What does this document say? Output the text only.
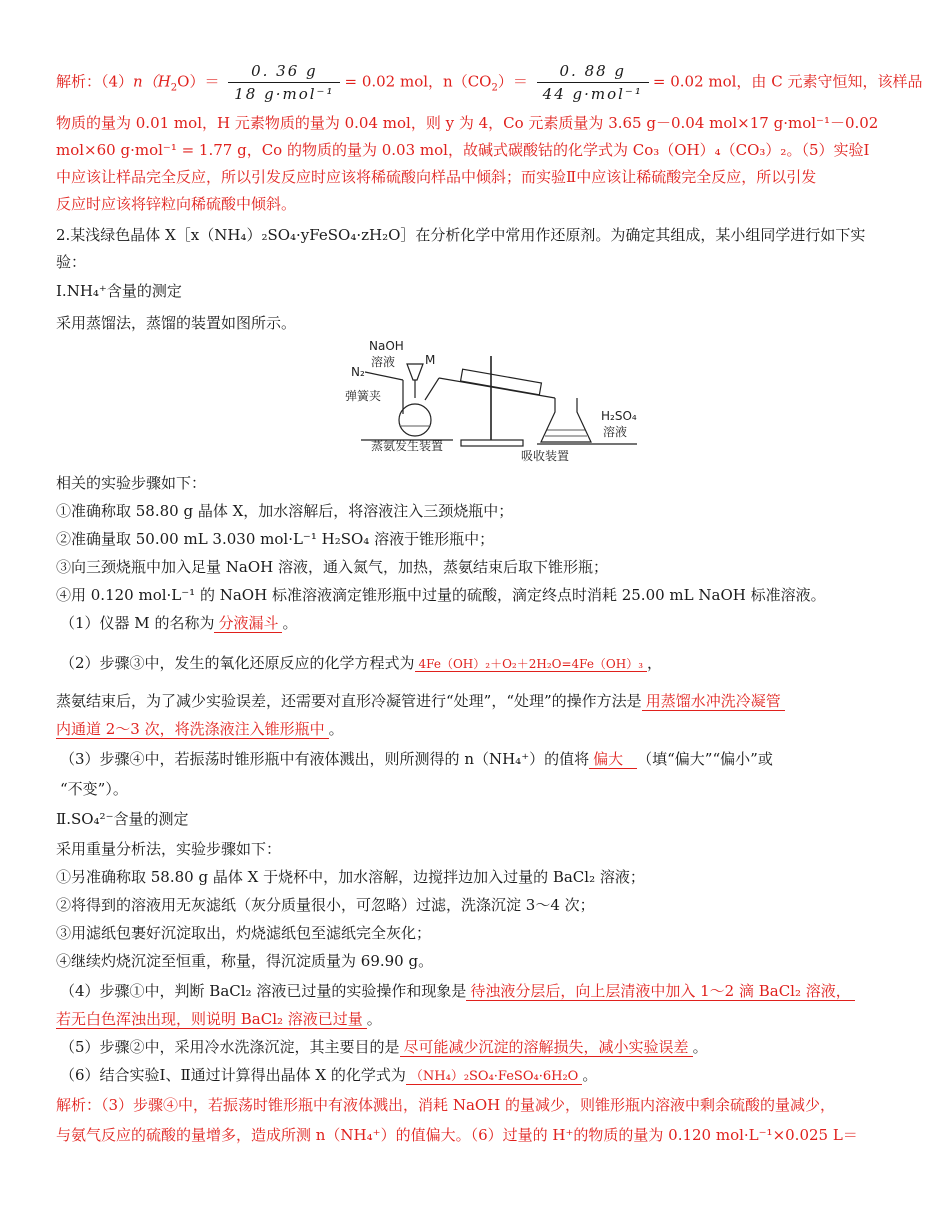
解析：$(4)n(H_2O)= \frac{0. 36 g}{\text{18 g·mol⁻¹}} = 0.02$ mol，$n(CO_2)= \frac{0. 88 g}{\text{44 g·mol⁻¹}} = 0.02$ mol，由 C 元素守恒知，该样品
物质的量为 0.01 mol，H 元素物质的量为 0.04 mol，则 y 为 4，Co 元素质量为 3.65 g－0.04 mol×17 g·mol⁻¹－0.02
mol×60 g·mol⁻¹ = 1.77 g，Co 的物质的量为 0.03 mol，故碱式碳酸钴的化学式为 Co₃（OH）₄（CO₃）₂。（5）实验Ⅰ
中应该让样品完全反应，所以引发反应时应该将稀硫酸向样品中倾斜；而实验Ⅱ中应该让稀硫酸完全反应，所以引发
反应时应该将锌粒向稀硫酸中倾斜。
2.某浅绿色晶体 X［x（NH₄）₂SO₄·yFeSO₄·zH₂O］在分析化学中常用作还原剂。为确定其组成，某小组同学进行如下实
验：
Ⅰ.NH₄⁺含量的测定
采用蒸馏法，蒸馏的装置如图所示。
NaOH
溶液 M
N₂
弹簧夹
H₂SO₄
溶液
蒸氨发生装置
吸收装置
相关的实验步骤如下：
①准确称取 58.80 g 晶体 X，加水溶解后，将溶液注入三颈烧瓶中；
②准确量取 50.00 mL 3.030 mol·L⁻¹ H₂SO₄ 溶液于锥形瓶中；
③向三颈烧瓶中加入足量 NaOH 溶液，通入氮气，加热，蒸氨结束后取下锥形瓶；
④用 0.120 mol·L⁻¹ 的 NaOH 标准溶液滴定锥形瓶中过量的硫酸，滴定终点时消耗 25.00 mL NaOH 标准溶液。
（1）仪器 M 的名称为 分液漏斗 。
（2）步骤③中，发生的氧化还原反应的化学方程式为 4Fe（OH）₂＋O₂＋2H₂O=4Fe（OH）₃ ，
蒸氨结束后，为了减少实验误差，还需要对直形冷凝管进行“处理”，“处理”的操作方法是 用蒸馏水冲洗冷凝管
内通道 2～3 次，将洗涤液注入锥形瓶中 。
（3）步骤④中，若振荡时锥形瓶中有液体溅出，则所测得的 n（NH₄⁺）的值将 偏大 （填“偏大”“偏小”或
“不变”）。
Ⅱ.SO₄²⁻含量的测定
采用重量分析法，实验步骤如下：
①另准确称取 58.80 g 晶体 X 于烧杯中，加水溶解，边搅拌边加入过量的 BaCl₂ 溶液；
②将得到的溶液用无灰滤纸（灰分质量很小，可忽略）过滤，洗涤沉淀 3～4 次；
③用滤纸包裹好沉淀取出，灼烧滤纸包至滤纸完全灰化；
④继续灼烧沉淀至恒重，称量，得沉淀质量为 69.90 g。
（4）步骤①中，判断 BaCl₂ 溶液已过量的实验操作和现象是 待浊液分层后，向上层清液中加入 1～2 滴 BaCl₂ 溶液，
若无白色浑浊出现，则说明 BaCl₂ 溶液已过量 。
（5）步骤②中，采用冷水洗涤沉淀，其主要目的是 尽可能减少沉淀的溶解损失，减小实验误差 。
（6）结合实验Ⅰ、Ⅱ通过计算得出晶体 X 的化学式为 （NH₄）₂SO₄·FeSO₄·6H₂O 。
解析：（3）步骤④中，若振荡时锥形瓶中有液体溅出，消耗 NaOH 的量减少，则锥形瓶内溶液中剩余硫酸的量减少，
与氨气反应的硫酸的量增多，造成所测 n（NH₄⁺）的值偏大。（6）过量的 H⁺的物质的量为 0.120 mol·L⁻¹×0.025 L＝
